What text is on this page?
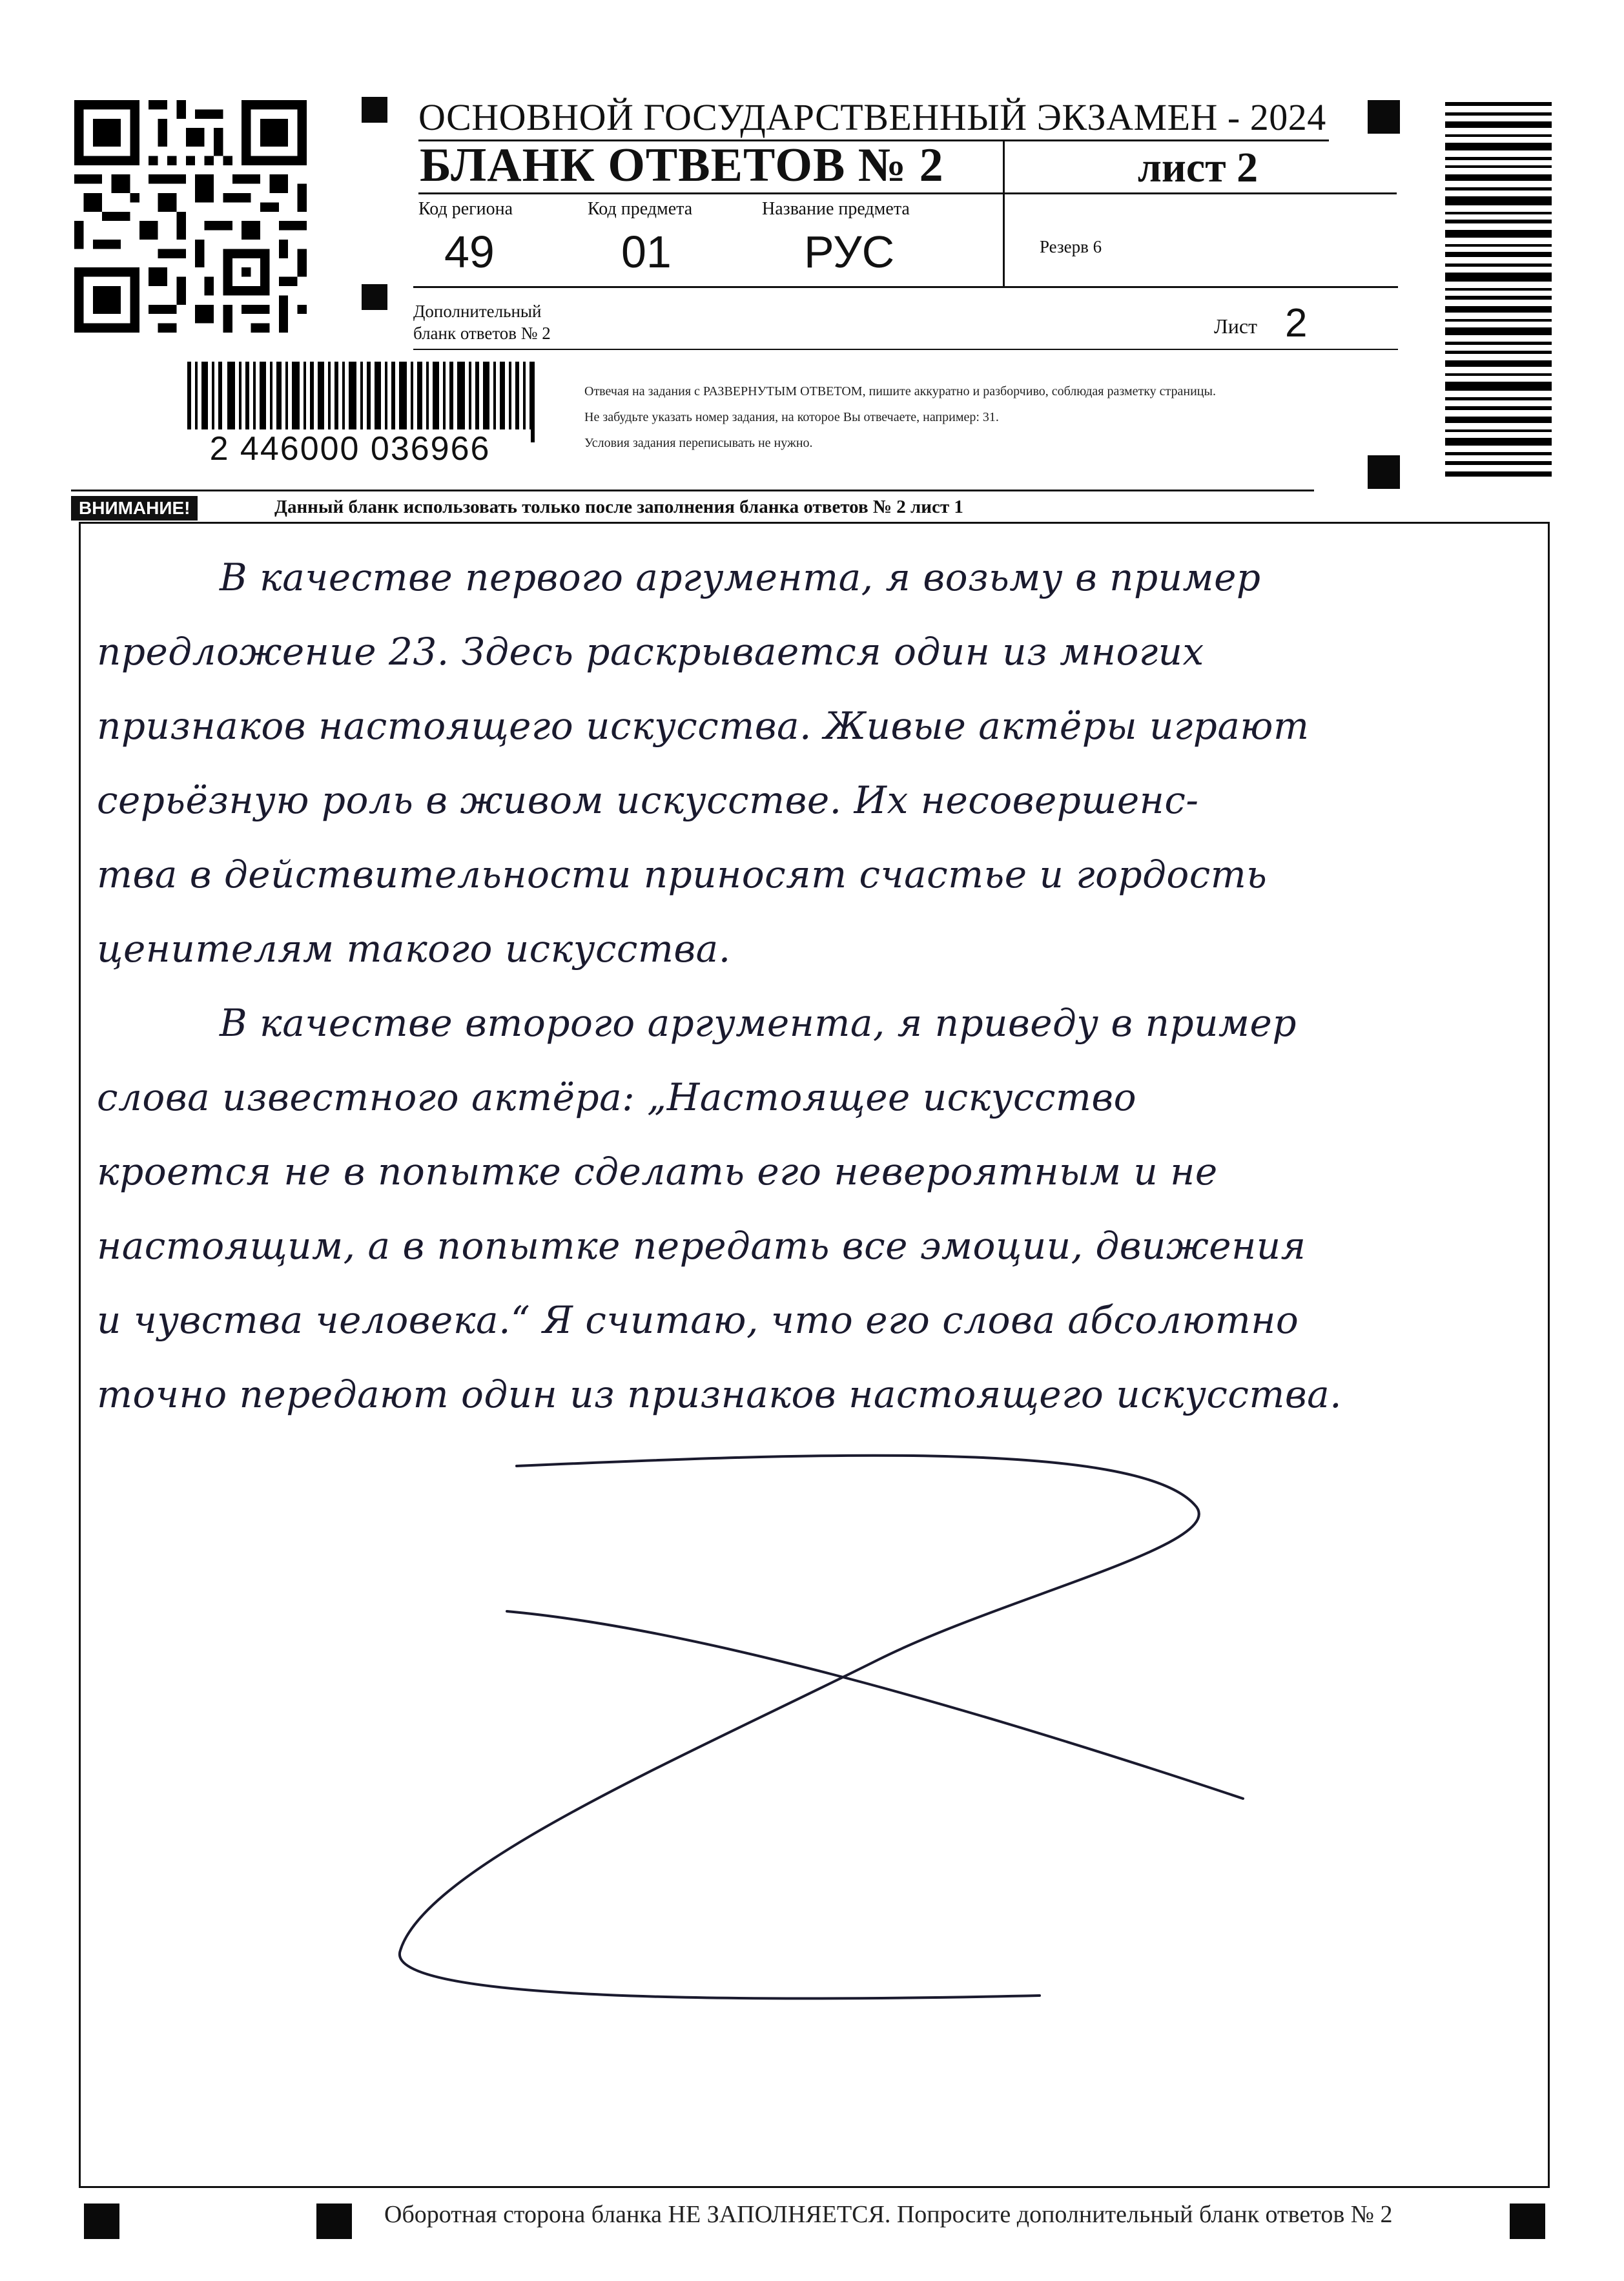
2 446000 036966
ОСНОВНОЙ ГОСУДАРСТВЕННЫЙ ЭКЗАМЕН - 2024
БЛАНК ОТВЕТОВ № 2	лист 2
Код региона
49
Код предмета
01
Название предмета
РУС	Резерв 6
Дополнительный
бланк ответов № 2	Лист 2
Отвечая на задания с РАЗВЕРНУТЫМ ОТВЕТОМ, пишите аккуратно и разборчиво, соблюдая разметку страницы.
Не забудьте указать номер задания, на которое Вы отвечаете, например: 31.
Условия задания переписывать не нужно.
ВНИМАНИЕ!	Данный бланк использовать только после заполнения бланка ответов № 2 лист 1
В качестве первого аргумента, я возьму в пример
предложение 23. Здесь раскрывается один из многих
признаков настоящего искусства. Живые актёры играют
серьёзную роль в живом искусстве. Их несовершенс-
тва в действительности приносят счастье и гордость
ценителям такого искусства.
В качестве второго аргумента, я приведу в пример
слова известного актёра: „Настоящее искусство
кроется не в попытке сделать его невероятным и не
настоящим, а в попытке передать все эмоции, движения
и чувства человека.“ Я считаю, что его слова абсолютно
точно передают один из признаков настоящего искусства.
Оборотная сторона бланка НЕ ЗАПОЛНЯЕТСЯ. Попросите дополнительный бланк ответов № 2
